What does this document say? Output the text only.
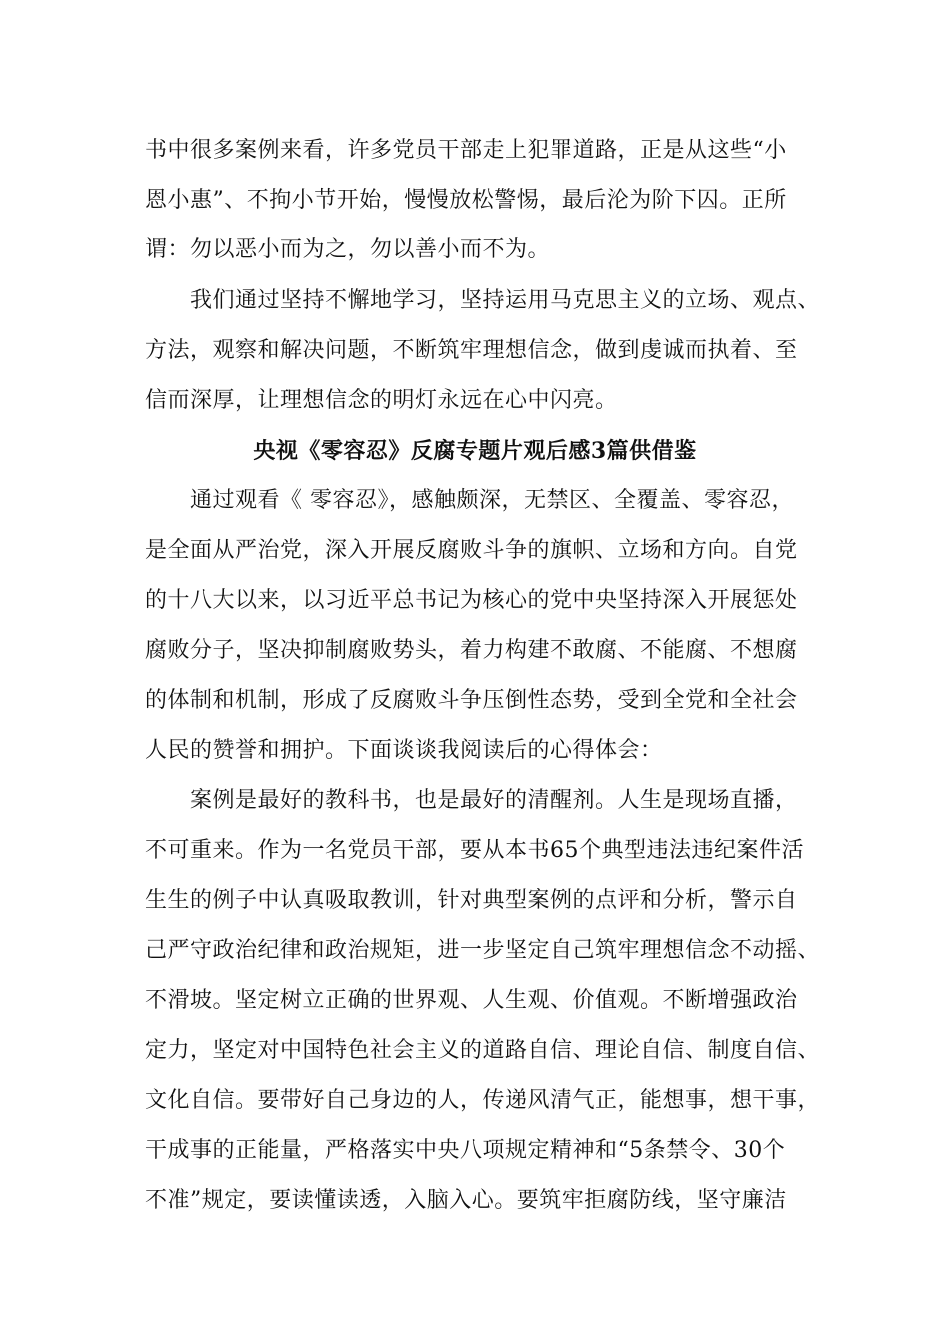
书中很多案例来看，许多党员干部走上犯罪道路，正是从这些“小
恩小惠”、不拘小节开始，慢慢放松警惕，最后沦为阶下囚。正所
谓：勿以恶小而为之，勿以善小而不为。
我们通过坚持不懈地学习，坚持运用马克思主义的立场、观点、
方法，观察和解决问题，不断筑牢理想信念，做到虔诚而执着、至
信而深厚，让理想信念的明灯永远在心中闪亮。
央视《零容忍》反腐专题片观后感3篇供借鉴
通过观看《 零容忍》，感触颇深，无禁区、全覆盖、零容忍，
是全面从严治党，深入开展反腐败斗争的旗帜、立场和方向。自党
的十八大以来，以习近平总书记为核心的党中央坚持深入开展惩处
腐败分子，坚决抑制腐败势头，着力构建不敢腐、不能腐、不想腐
的体制和机制，形成了反腐败斗争压倒性态势，受到全党和全社会
人民的赞誉和拥护。下面谈谈我阅读后的心得体会：
案例是最好的教科书，也是最好的清醒剂。人生是现场直播，
不可重来。作为一名党员干部，要从本书65个典型违法违纪案件活
生生的例子中认真吸取教训，针对典型案例的点评和分析，警示自
己严守政治纪律和政治规矩，进一步坚定自己筑牢理想信念不动摇、
不滑坡。坚定树立正确的世界观、人生观、价值观。不断增强政治
定力，坚定对中国特色社会主义的道路自信、理论自信、制度自信、
文化自信。要带好自己身边的人，传递风清气正，能想事，想干事，
干成事的正能量，严格落实中央八项规定精神和“5条禁令、30个
不准”规定，要读懂读透，入脑入心。要筑牢拒腐防线，坚守廉洁
